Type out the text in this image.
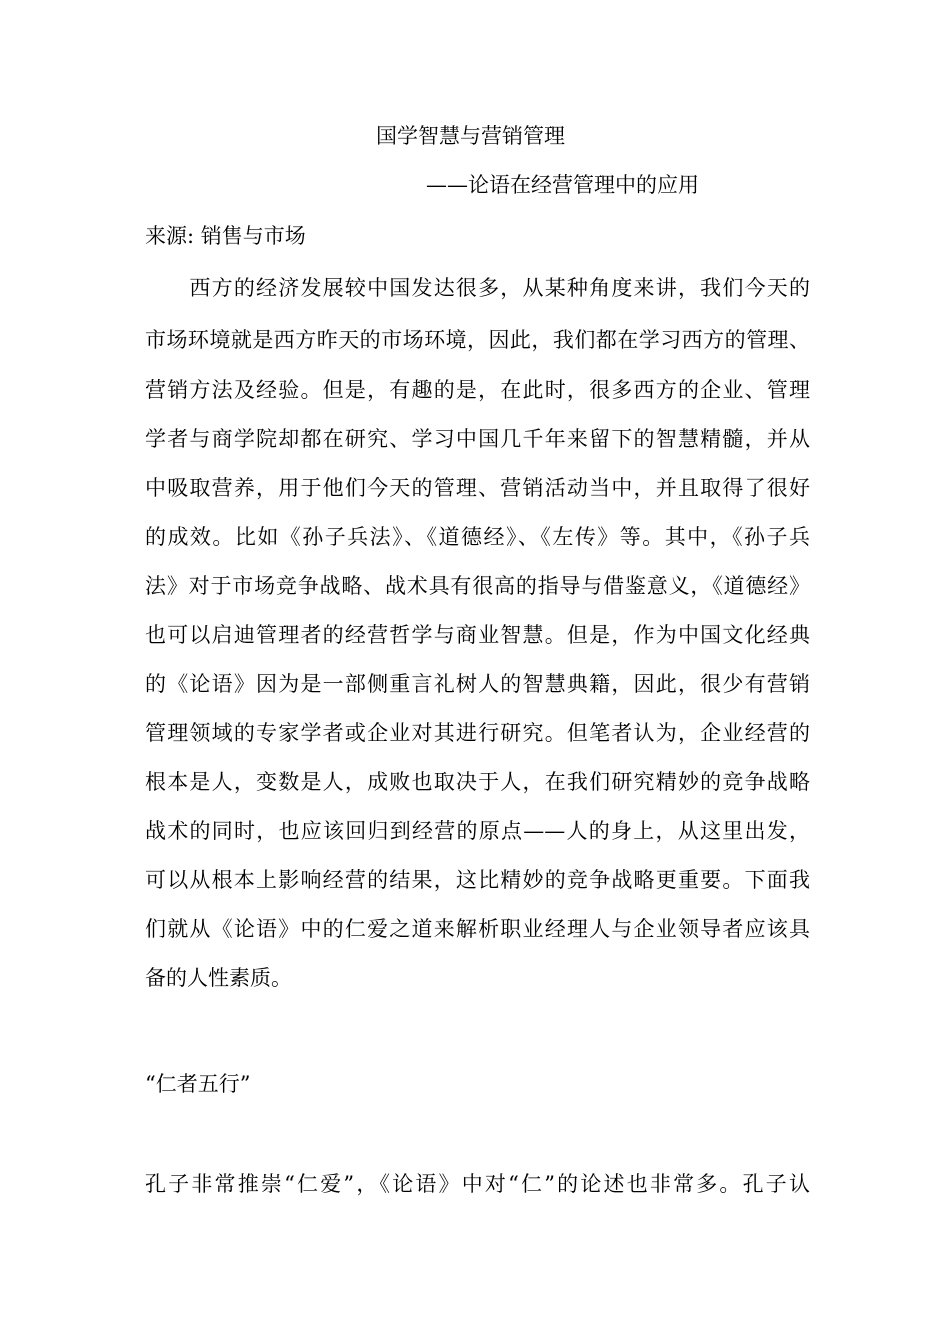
国学智慧与营销管理
——论语在经营管理中的应用
来源: 销售与市场
　　西方的经济发展较中国发达很多，从某种角度来讲，我们今天的
市场环境就是西方昨天的市场环境，因此，我们都在学习西方的管理、
营销方法及经验。但是，有趣的是，在此时，很多西方的企业、管理
学者与商学院却都在研究、学习中国几千年来留下的智慧精髓，并从
中吸取营养，用于他们今天的管理、营销活动当中，并且取得了很好
的成效。比如《孙子兵法》、《道德经》、《左传》等。其中，《孙子兵
法》对于市场竞争战略、战术具有很高的指导与借鉴意义，《道德经》
也可以启迪管理者的经营哲学与商业智慧。但是，作为中国文化经典
的《论语》因为是一部侧重言礼树人的智慧典籍，因此，很少有营销
管理领域的专家学者或企业对其进行研究。但笔者认为，企业经营的
根本是人，变数是人，成败也取决于人，在我们研究精妙的竞争战略
战术的同时，也应该回归到经营的原点——人的身上，从这里出发，
可以从根本上影响经营的结果，这比精妙的竞争战略更重要。下面我
们就从《论语》中的仁爱之道来解析职业经理人与企业领导者应该具
备的人性素质。
“仁者五行”
孔子非常推崇“仁爱”，《论语》中对“仁”的论述也非常多。孔子认
